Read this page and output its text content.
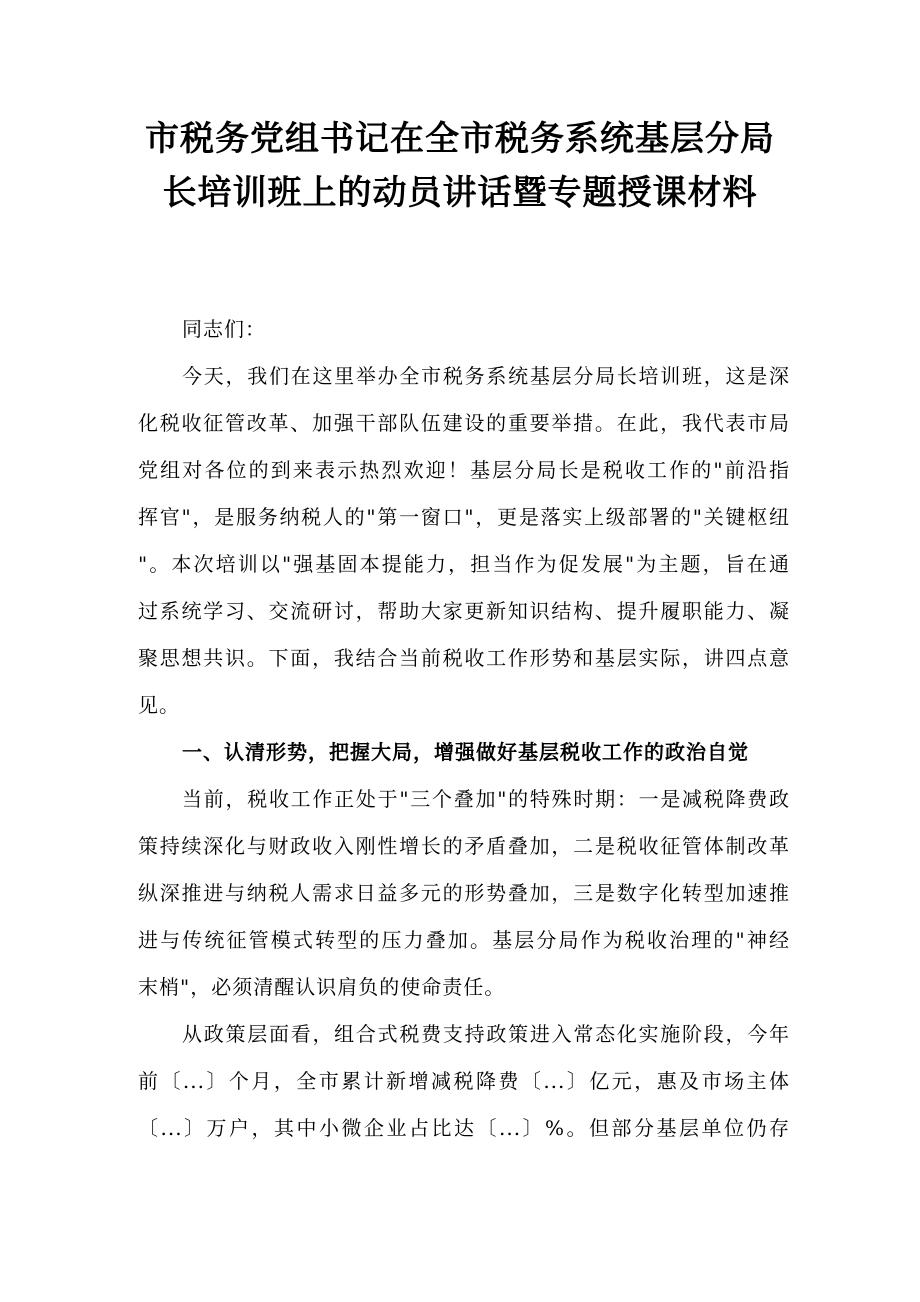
市税务党组书记在全市税务系统基层分局
长培训班上的动员讲话暨专题授课材料
同志们：
今天，我们在这里举办全市税务系统基层分局长培训班，这是深
化税收征管改革、加强干部队伍建设的重要举措。在此，我代表市局
党组对各位的到来表示热烈欢迎！基层分局长是税收工作的"前沿指
挥官"，是服务纳税人的"第一窗口"，更是落实上级部署的"关键枢纽
"。本次培训以"强基固本提能力，担当作为促发展"为主题，旨在通
过系统学习、交流研讨，帮助大家更新知识结构、提升履职能力、凝
聚思想共识。下面，我结合当前税收工作形势和基层实际，讲四点意
见。
一、认清形势，把握大局，增强做好基层税收工作的政治自觉
当前，税收工作正处于"三个叠加"的特殊时期：一是减税降费政
策持续深化与财政收入刚性增长的矛盾叠加，二是税收征管体制改革
纵深推进与纳税人需求日益多元的形势叠加，三是数字化转型加速推
进与传统征管模式转型的压力叠加。基层分局作为税收治理的"神经
末梢"，必须清醒认识肩负的使命责任。
从政策层面看，组合式税费支持政策进入常态化实施阶段，今年
前〔...〕个月，全市累计新增减税降费〔...〕亿元，惠及市场主体
〔...〕万户，其中小微企业占比达〔...〕%。但部分基层单位仍存
